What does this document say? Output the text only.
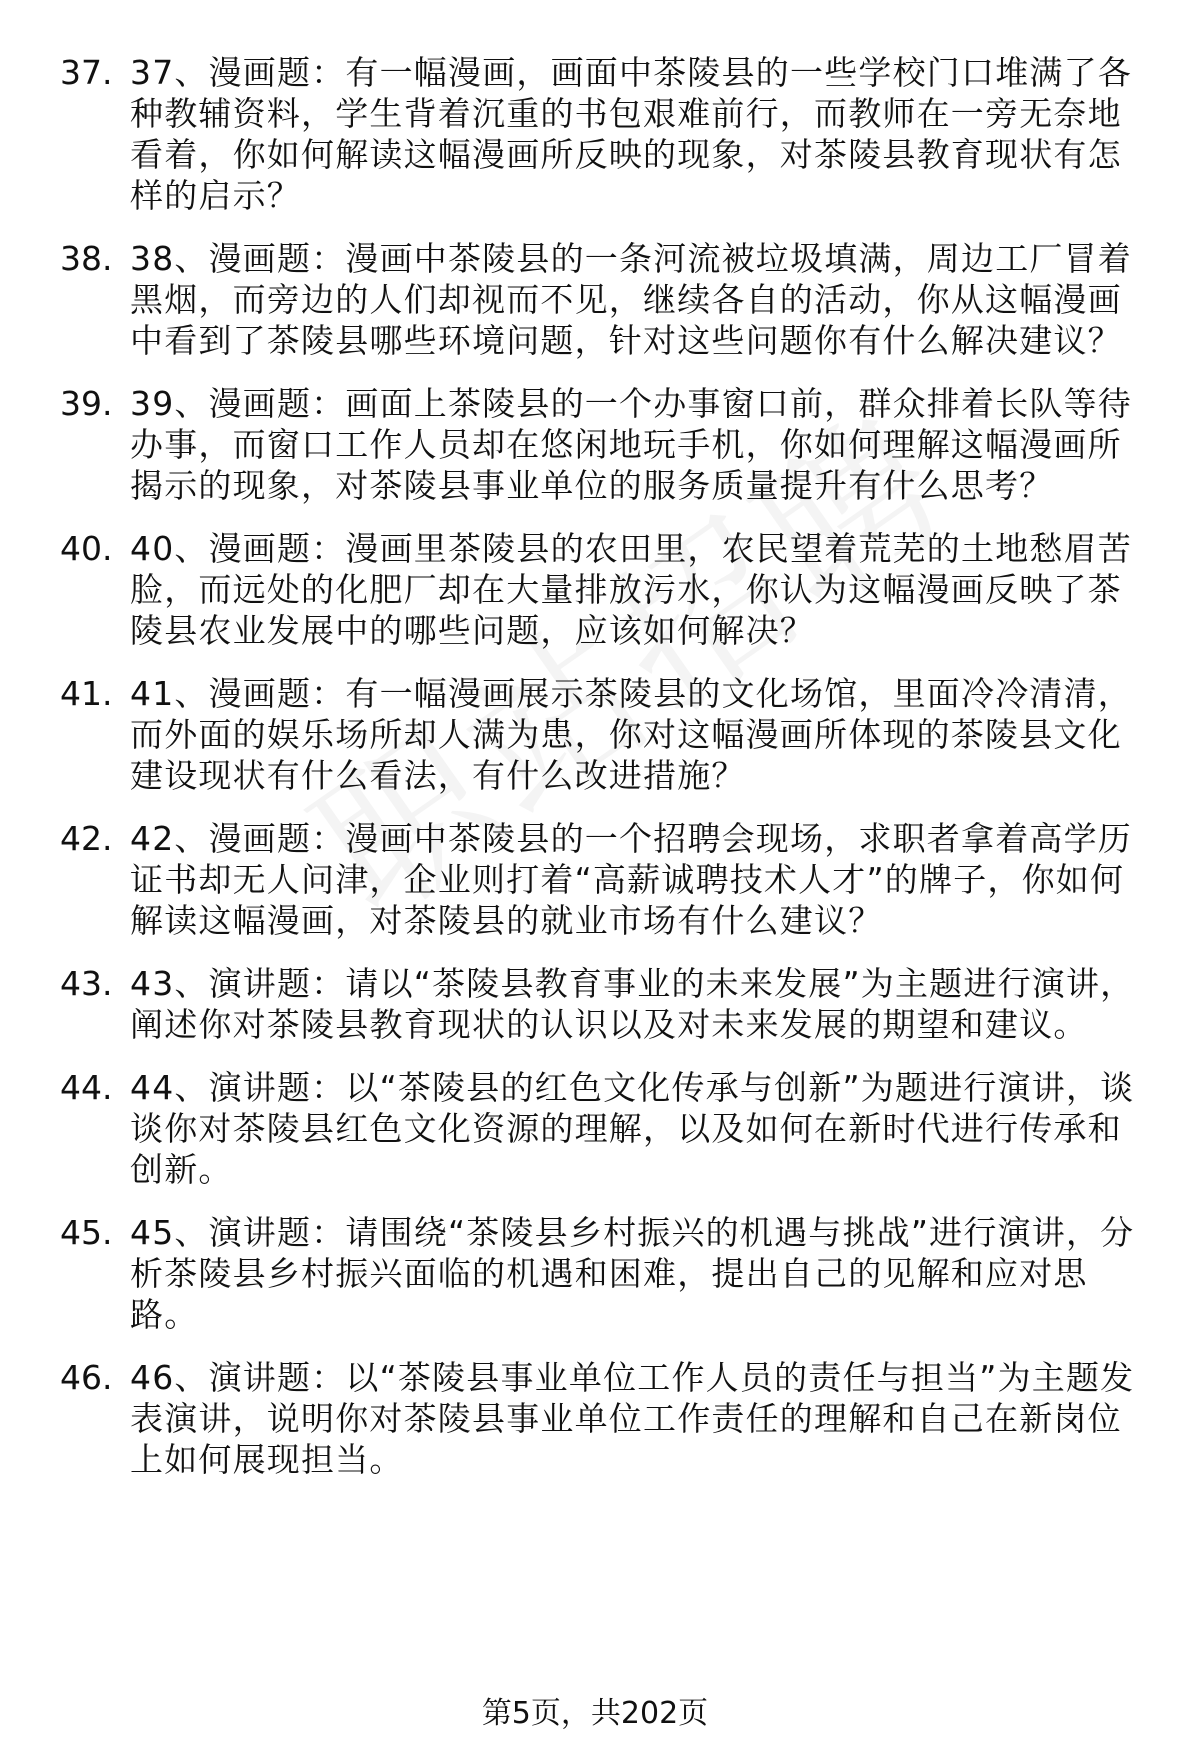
37. 37、漫画题：有一幅漫画，画面中茶陵县的一些学校门口堆满了各种教辅资料，学生背着沉重的书包艰难前行，而教师在一旁无奈地看着，你如何解读这幅漫画所反映的现象，对茶陵县教育现状有怎样的启示？
38. 38、漫画题：漫画中茶陵县的一条河流被垃圾填满，周边工厂冒着黑烟，而旁边的人们却视而不见，继续各自的活动，你从这幅漫画中看到了茶陵县哪些环境问题，针对这些问题你有什么解决建议？
39. 39、漫画题：画面上茶陵县的一个办事窗口前，群众排着长队等待办事，而窗口工作人员却在悠闲地玩手机，你如何理解这幅漫画所揭示的现象，对茶陵县事业单位的服务质量提升有什么思考？
40. 40、漫画题：漫画里茶陵县的农田里，农民望着荒芜的土地愁眉苦脸，而远处的化肥厂却在大量排放污水，你认为这幅漫画反映了茶陵县农业发展中的哪些问题，应该如何解决？
41. 41、漫画题：有一幅漫画展示茶陵县的文化场馆，里面冷冷清清，而外面的娱乐场所却人满为患，你对这幅漫画所体现的茶陵县文化建设现状有什么看法，有什么改进措施？
42. 42、漫画题：漫画中茶陵县的一个招聘会现场，求职者拿着高学历证书却无人问津，企业则打着“高薪诚聘技术人才”的牌子，你如何解读这幅漫画，对茶陵县的就业市场有什么建议？
43. 43、演讲题：请以“茶陵县教育事业的未来发展”为主题进行演讲，阐述你对茶陵县教育现状的认识以及对未来发展的期望和建议。
44. 44、演讲题：以“茶陵县的红色文化传承与创新”为题进行演讲，谈谈你对茶陵县红色文化资源的理解，以及如何在新时代进行传承和创新。
45. 45、演讲题：请围绕“茶陵县乡村振兴的机遇与挑战”进行演讲，分析茶陵县乡村振兴面临的机遇和困难，提出自己的见解和应对思路。
46. 46、演讲题：以“茶陵县事业单位工作人员的责任与担当”为主题发表演讲，说明你对茶陵县事业单位工作责任的理解和自己在新岗位上如何展现担当。
第5页，共202页
